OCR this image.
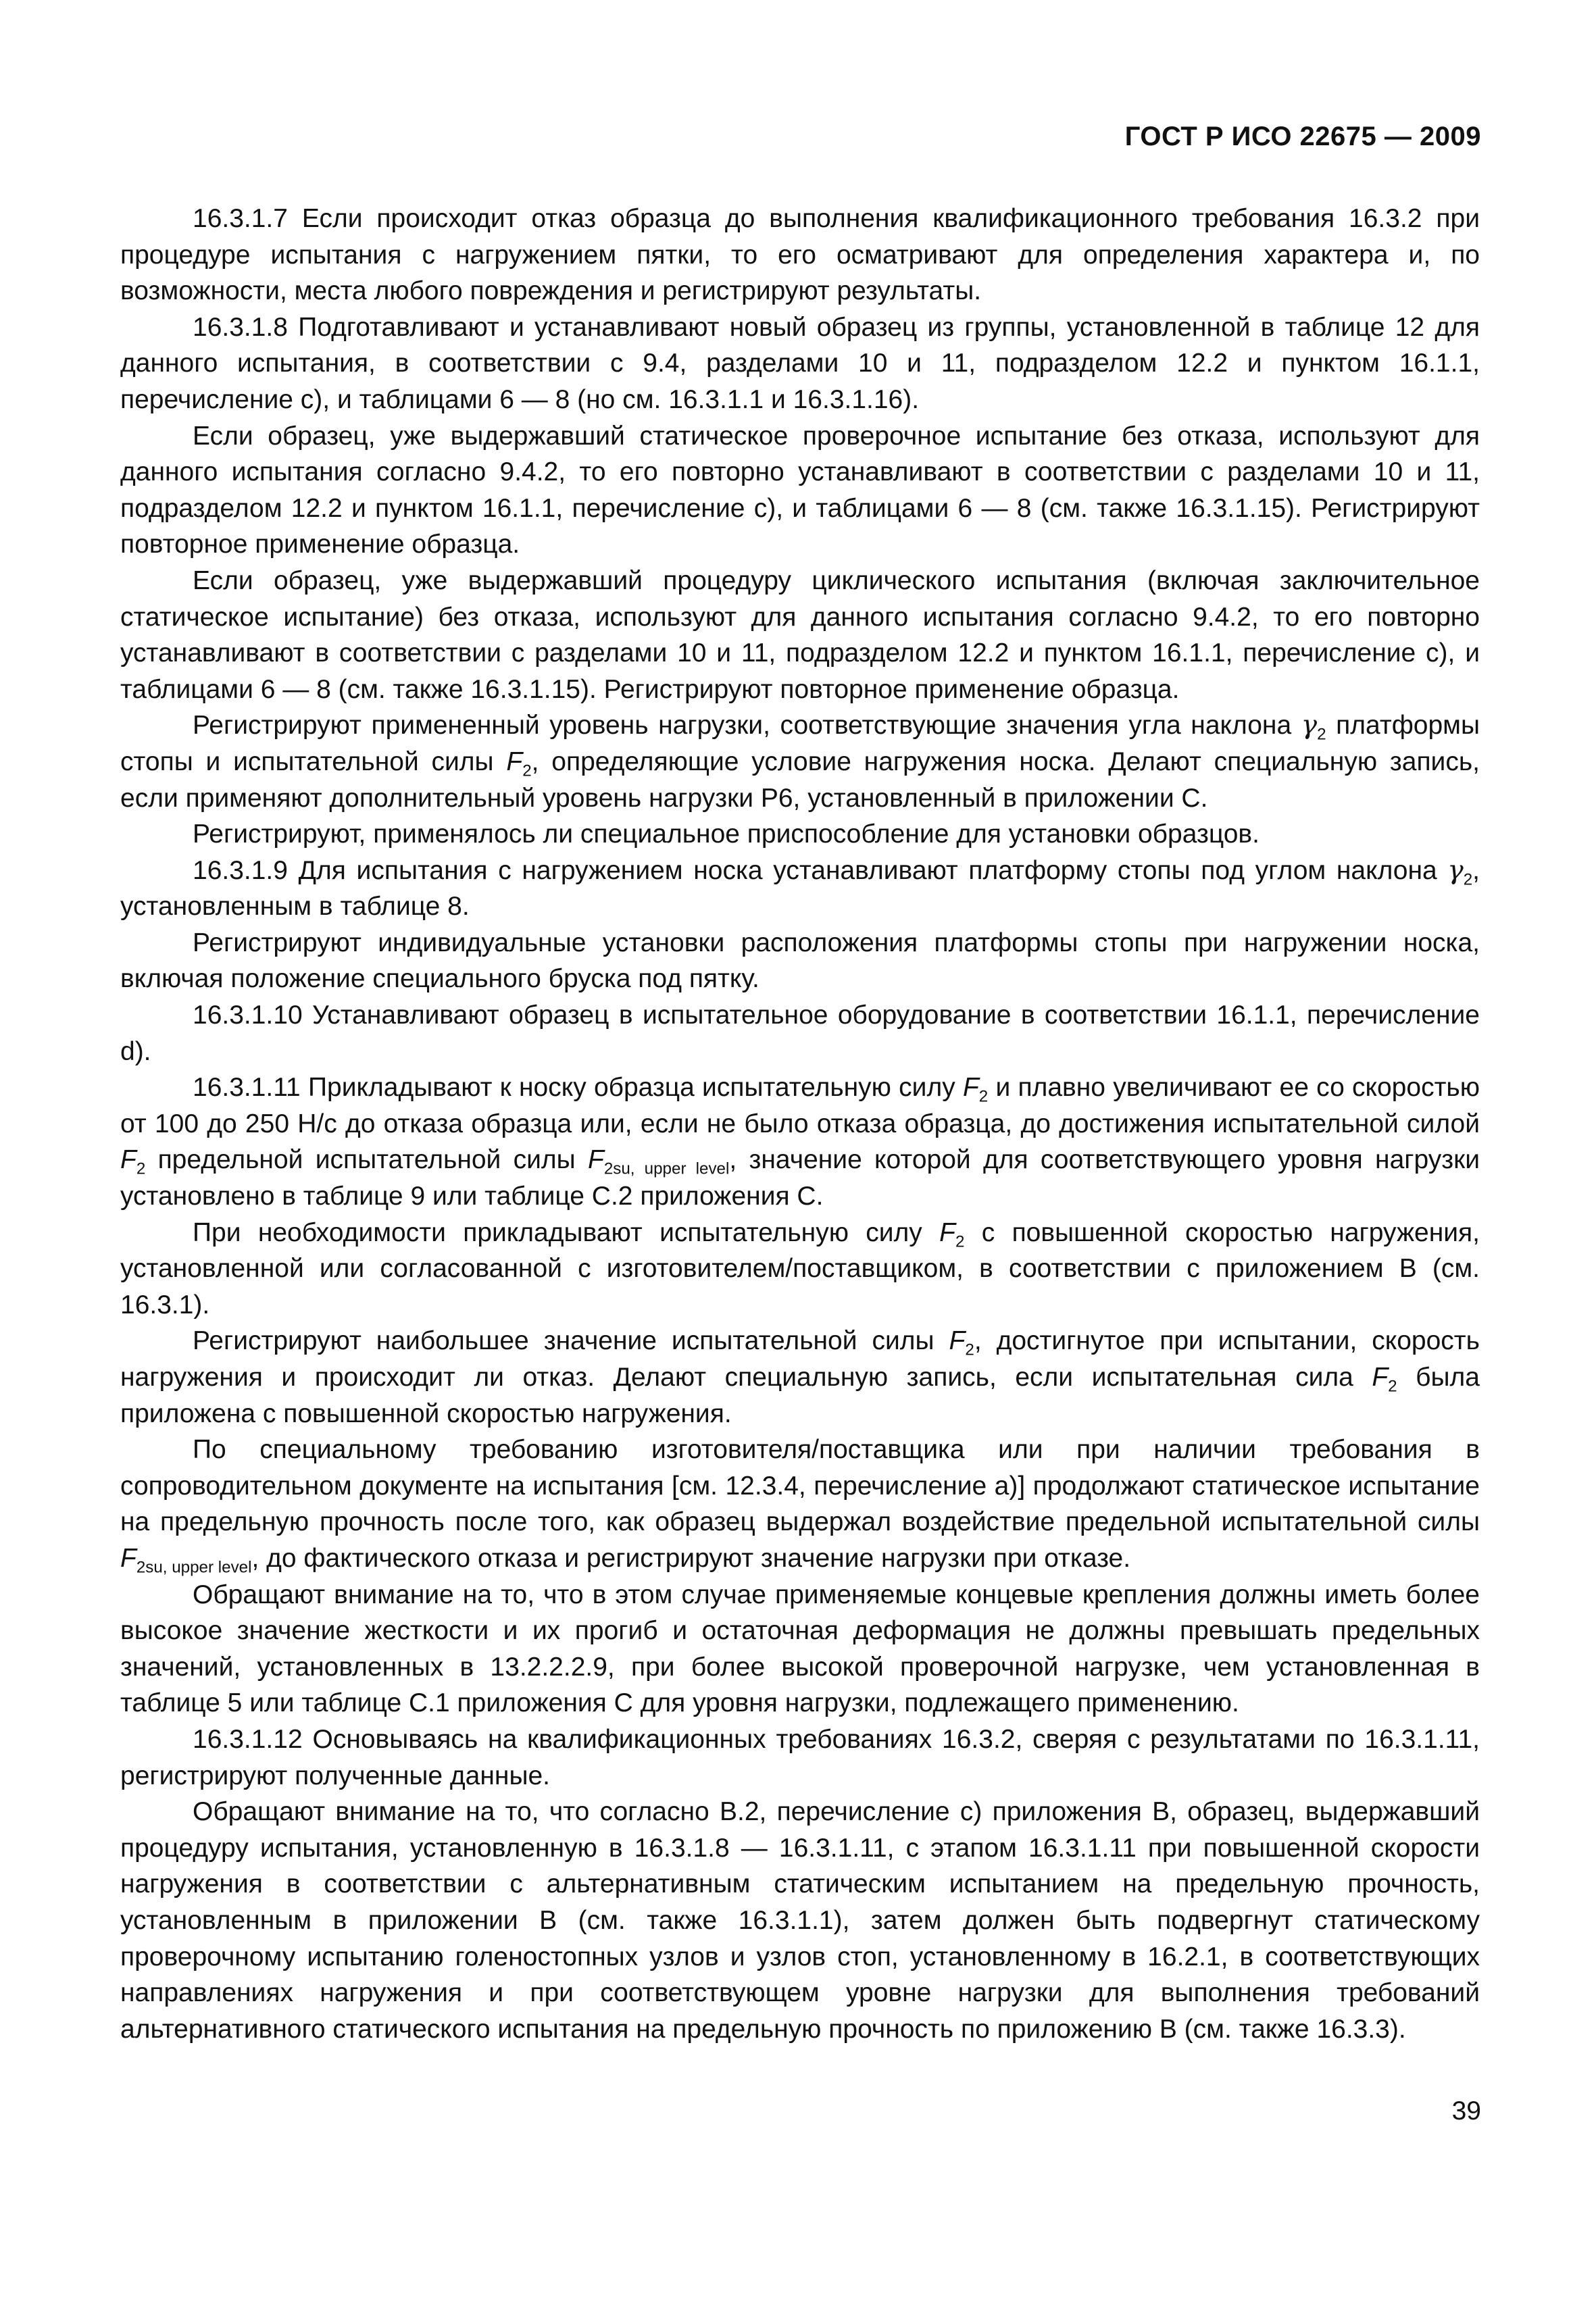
ГОСТ Р ИСО 22675 — 2009

16.3.1.7 Если происходит отказ образца до выполнения квалификационного требования 16.3.2 при процедуре испытания с нагружением пятки, то его осматривают для определения характера и, по возможности, места любого повреждения и регистрируют результаты.

16.3.1.8 Подготавливают и устанавливают новый образец из группы, установленной в таблице 12 для данного испытания, в соответствии с 9.4, разделами 10 и 11, подразделом 12.2 и пунктом 16.1.1, перечисление с), и таблицами 6 — 8 (но см. 16.3.1.1 и 16.3.1.16).

Если образец, уже выдержавший статическое проверочное испытание без отказа, используют для данного испытания согласно 9.4.2, то его повторно устанавливают в соответствии с разделами 10 и 11, подразделом 12.2 и пунктом 16.1.1, перечисление с), и таблицами 6 — 8 (см. также 16.3.1.15). Регистрируют повторное применение образца.

Если образец, уже выдержавший процедуру циклического испытания (включая заключительное статическое испытание) без отказа, используют для данного испытания согласно 9.4.2, то его повторно устанавливают в соответствии с разделами 10 и 11, подразделом 12.2 и пунктом 16.1.1, перечисление с), и таблицами 6 — 8 (см. также 16.3.1.15). Регистрируют повторное применение образца.

Регистрируют примененный уровень нагрузки, соответствующие значения угла наклона $\gamma_2$ платформы стопы и испытательной силы $F_2$, определяющие условие нагружения носка. Делают специальную запись, если применяют дополнительный уровень нагрузки Р6, установленный в приложении С.

Регистрируют, применялось ли специальное приспособление для установки образцов.

16.3.1.9 Для испытания с нагружением носка устанавливают платформу стопы под углом наклона $\gamma_2$, установленным в таблице 8.

Регистрируют индивидуальные установки расположения платформы стопы при нагружении носка, включая положение специального бруска под пятку.

16.3.1.10 Устанавливают образец в испытательное оборудование в соответствии 16.1.1, перечисление d).

16.3.1.11 Прикладывают к носку образца испытательную силу $F_2$ и плавно увеличивают ее со скоростью от 100 до 250 Н/с до отказа образца или, если не было отказа образца, до достижения испытательной силой $F_2$ предельной испытательной силы $F_{2su, upper level}$, значение которой для соответствующего уровня нагрузки установлено в таблице 9 или таблице С.2 приложения С.

При необходимости прикладывают испытательную силу $F_2$ с повышенной скоростью нагружения, установленной или согласованной с изготовителем/поставщиком, в соответствии с приложением В (см. 16.3.1).

Регистрируют наибольшее значение испытательной силы $F_2$, достигнутое при испытании, скорость нагружения и происходит ли отказ. Делают специальную запись, если испытательная сила $F_2$ была приложена с повышенной скоростью нагружения.

По специальному требованию изготовителя/поставщика или при наличии требования в сопроводительном документе на испытания [см. 12.3.4, перечисление а)] продолжают статическое испытание на предельную прочность после того, как образец выдержал воздействие предельной испытательной силы $F_{2su, upper level}$, до фактического отказа и регистрируют значение нагрузки при отказе.

Обращают внимание на то, что в этом случае применяемые концевые крепления должны иметь более высокое значение жесткости и их прогиб и остаточная деформация не должны превышать предельных значений, установленных в 13.2.2.2.9, при более высокой проверочной нагрузке, чем установленная в таблице 5 или таблице С.1 приложения С для уровня нагрузки, подлежащего применению.

16.3.1.12 Основываясь на квалификационных требованиях 16.3.2, сверяя с результатами по 16.3.1.11, регистрируют полученные данные.

Обращают внимание на то, что согласно В.2, перечисление с) приложения В, образец, выдержавший процедуру испытания, установленную в 16.3.1.8 — 16.3.1.11, с этапом 16.3.1.11 при повышенной скорости нагружения в соответствии с альтернативным статическим испытанием на предельную прочность, установленным в приложении В (см. также 16.3.1.1), затем должен быть подвергнут статическому проверочному испытанию голеностопных узлов и узлов стоп, установленному в 16.2.1, в соответствующих направлениях нагружения и при соответствующем уровне нагрузки для выполнения требований альтернативного статического испытания на предельную прочность по приложению В (см. также 16.3.3).

39
